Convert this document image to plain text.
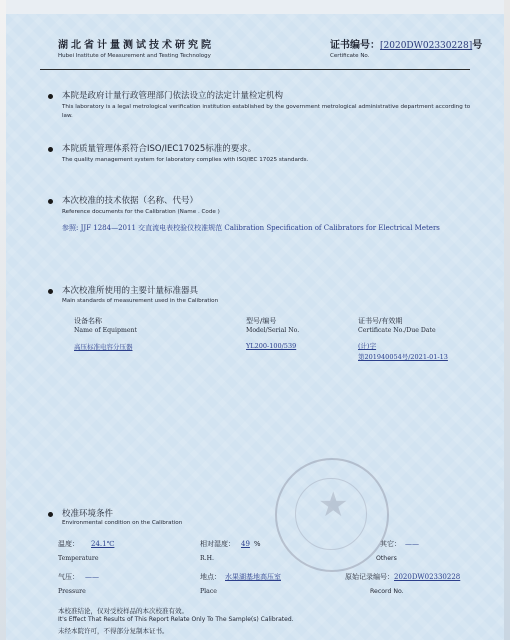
湖北省计量测试技术研究院
Hubei Institute of Measurement and Testing Technology
证书编号：[2020DW02330228]号
Certificate No.
本院是政府计量行政管理部门依法设立的法定计量检定机构
This laboratory is a legal metrological verification institution established by the government metrological administrative department according to law.
本院质量管理体系符合ISO/IEC17025标准的要求。
The quality management system for laboratory complies with ISO/IEC 17025 standards.
本次校准的技术依据（名称、代号）
Reference documents for the Calibration (Name . Code )
参照: JJF 1284—2011 交直流电表校验仪校准规范 Calibration Specification of Calibrators for Electrical Meters
本次校准所使用的主要计量标准器具
Main standards of measurement used in the Calibration
设备名称
Name of Equipment
型号/编号
Model/Serial No.
证书号/有效期
Certificate No./Due Date
高压标准电容分压器	YL200-100/539	(计)字
第201940054号/2021-01-13
★
校准环境条件
Environmental condition on the Calibration
温度： 24.1℃
Temperature
相对湿度： 49 %
R.H.
其它： ——
Others
气压： ——
Pressure
地点： 水果湖基地高压室
Place
原始记录编号：2020DW02330228
Record No.
本校准结论，仅对受校样品的本次校准有效。
It's Effect That Results of This Report Relate Only To The Sample(s) Calibrated.
未经本院许可，不得部分复制本证书。
